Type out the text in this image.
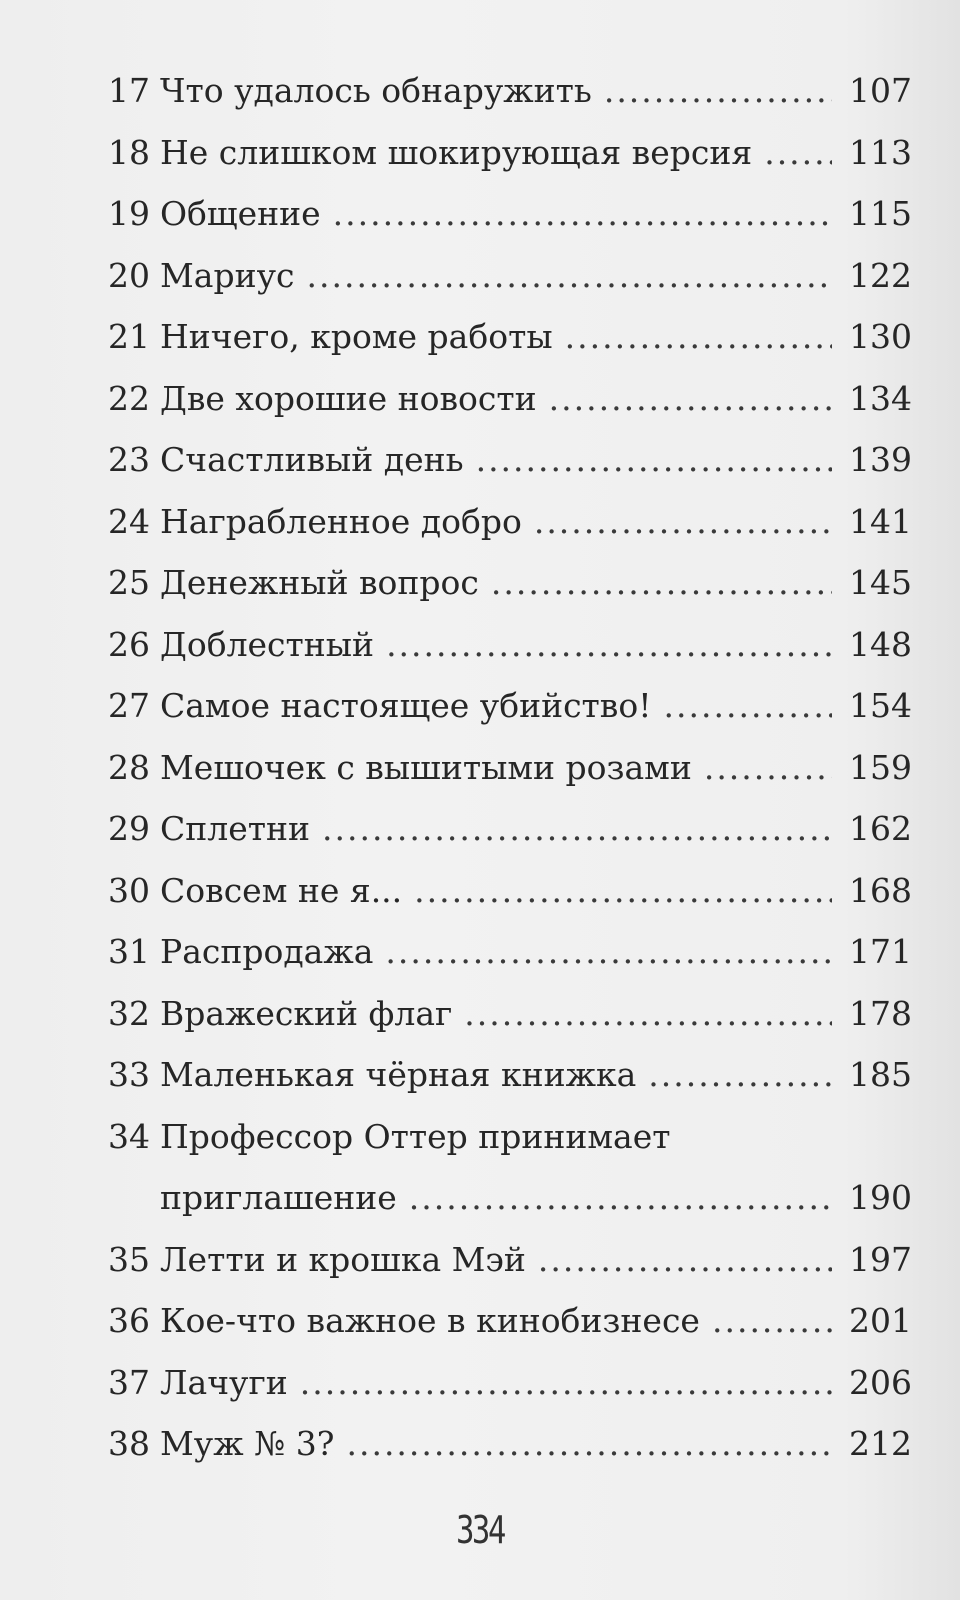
17 Что удалось обнаружить .....	107
18 Не слишком шокирующая версия .....	113
19 Общение .....	115
20 Мариус .....	122
21 Ничего, кроме работы .....	130
22 Две хорошие новости .....	134
23 Счастливый день .....	139
24 Награбленное добро .....	141
25 Денежный вопрос .....	145
26 Доблестный .....	148
27 Самое настоящее убийство! .....	154
28 Мешочек с вышитыми розами .....	159
29 Сплетни .....	162
30 Совсем не я... .....	168
31 Распродажа .....	171
32 Вражеский флаг .....	178
33 Маленькая чёрная книжка .....	185
34 Профессор Оттер принимает
приглашение .....	190
35 Летти и крошка Мэй .....	197
36 Кое-что важное в кинобизнесе .....	201
37 Лачуги .....	206
38 Муж № 3? .....	212
334
